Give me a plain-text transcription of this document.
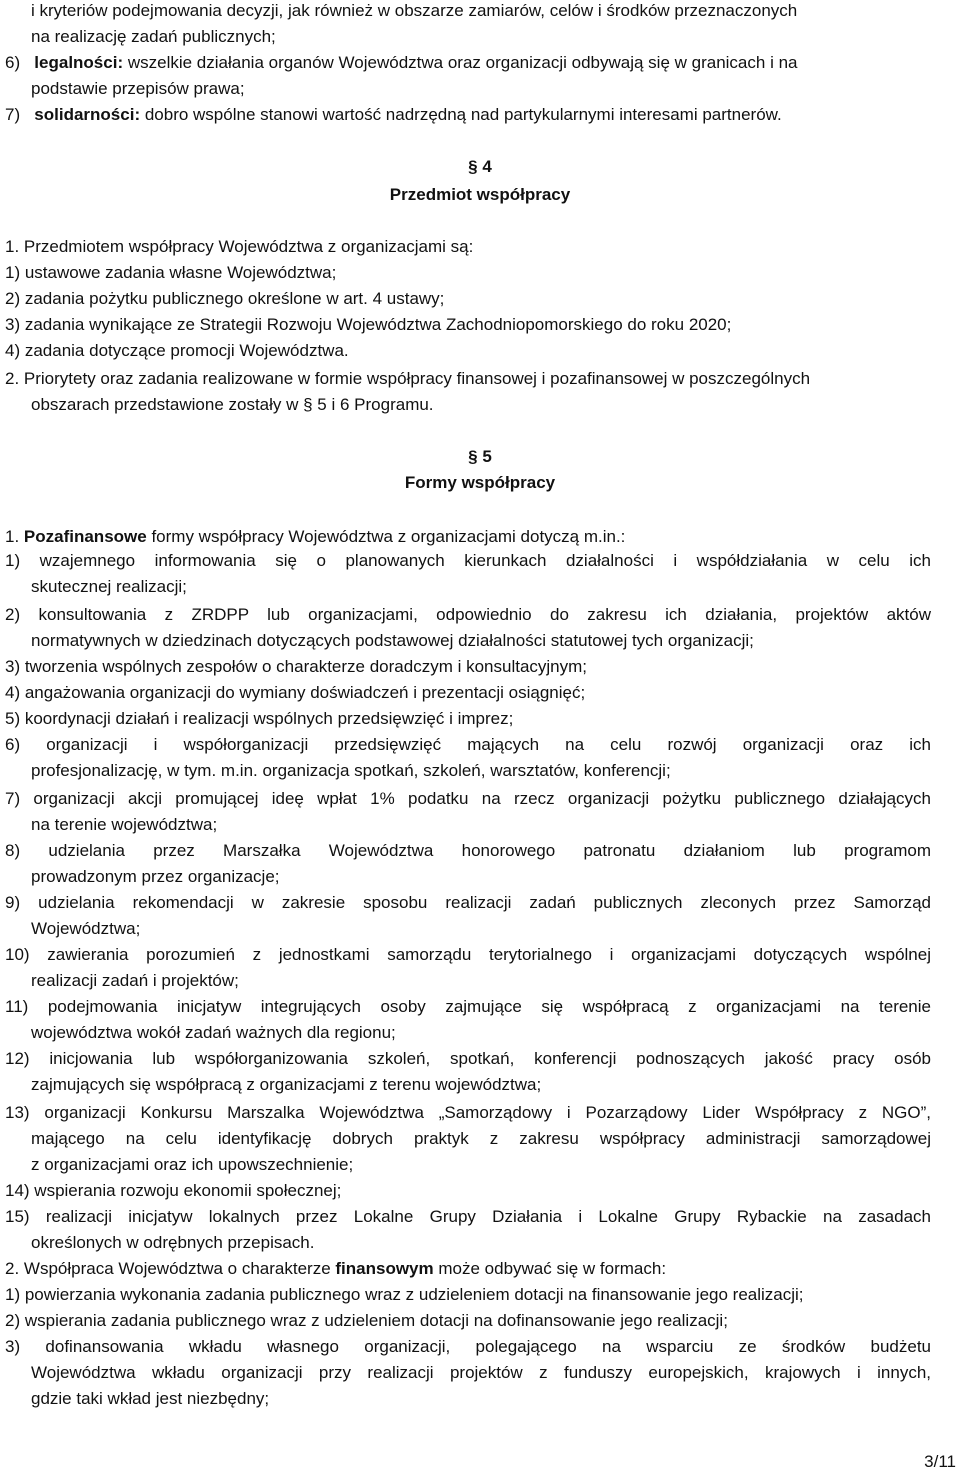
i kryteriów podejmowania decyzji, jak również w obszarze zamiarów, celów i środków przeznaczonych
na realizację zadań publicznych;
6) legalności: wszelkie działania organów Województwa oraz organizacji odbywają się w granicach i na
podstawie przepisów prawa;
7) solidarności: dobro wspólne stanowi wartość nadrzędną nad partykularnymi interesami partnerów.
§ 4
Przedmiot współpracy
1. Przedmiotem współpracy Województwa z organizacjami są:
1) ustawowe zadania własne Województwa;
2) zadania pożytku publicznego określone w art. 4 ustawy;
3) zadania wynikające ze Strategii Rozwoju Województwa Zachodniopomorskiego do roku 2020;
4) zadania dotyczące promocji Województwa.
2. Priorytety oraz zadania realizowane w formie współpracy finansowej i pozafinansowej w poszczególnych
obszarach przedstawione zostały w § 5 i 6 Programu.
§ 5
Formy współpracy
1. Pozafinansowe formy współpracy Województwa z organizacjami dotyczą m.in.:
1) wzajemnego informowania się o planowanych kierunkach działalności i współdziałania w celu ich
skutecznej realizacji;
2) konsultowania z ZRDPP lub organizacjami, odpowiednio do zakresu ich działania, projektów aktów
normatywnych w dziedzinach dotyczących podstawowej działalności statutowej tych organizacji;
3) tworzenia wspólnych zespołów o charakterze doradczym i konsultacyjnym;
4) angażowania organizacji do wymiany doświadczeń i prezentacji osiągnięć;
5) koordynacji działań i realizacji wspólnych przedsięwzięć i imprez;
6) organizacji i współorganizacji przedsięwzięć mających na celu rozwój organizacji oraz ich
profesjonalizację, w tym. m.in. organizacja spotkań, szkoleń, warsztatów, konferencji;
7) organizacji akcji promującej ideę wpłat 1% podatku na rzecz organizacji pożytku publicznego działających
na terenie województwa;
8) udzielania przez Marszałka Województwa honorowego patronatu działaniom lub programom
prowadzonym przez organizacje;
9) udzielania rekomendacji w zakresie sposobu realizacji zadań publicznych zleconych przez Samorząd
Województwa;
10) zawierania porozumień z jednostkami samorządu terytorialnego i organizacjami dotyczących wspólnej
realizacji zadań i projektów;
11) podejmowania inicjatyw integrujących osoby zajmujące się współpracą z organizacjami na terenie
województwa wokół zadań ważnych dla regionu;
12) inicjowania lub współorganizowania szkoleń, spotkań, konferencji podnoszących jakość pracy osób
zajmujących się współpracą z organizacjami z terenu województwa;
13) organizacji Konkursu Marszalka Województwa „Samorządowy i Pozarządowy Lider Współpracy z NGO”,
mającego na celu identyfikację dobrych praktyk z zakresu współpracy administracji samorządowej
z organizacjami oraz ich upowszechnienie;
14) wspierania rozwoju ekonomii społecznej;
15) realizacji inicjatyw lokalnych przez Lokalne Grupy Działania i Lokalne Grupy Rybackie na zasadach
określonych w odrębnych przepisach.
2. Współpraca Województwa o charakterze finansowym może odbywać się w formach:
1) powierzania wykonania zadania publicznego wraz z udzieleniem dotacji na finansowanie jego realizacji;
2) wspierania zadania publicznego wraz z udzieleniem dotacji na dofinansowanie jego realizacji;
3) dofinansowania wkładu własnego organizacji, polegającego na wsparciu ze środków budżetu
Województwa wkładu organizacji przy realizacji projektów z funduszy europejskich, krajowych i innych,
gdzie taki wkład jest niezbędny;
3/11
